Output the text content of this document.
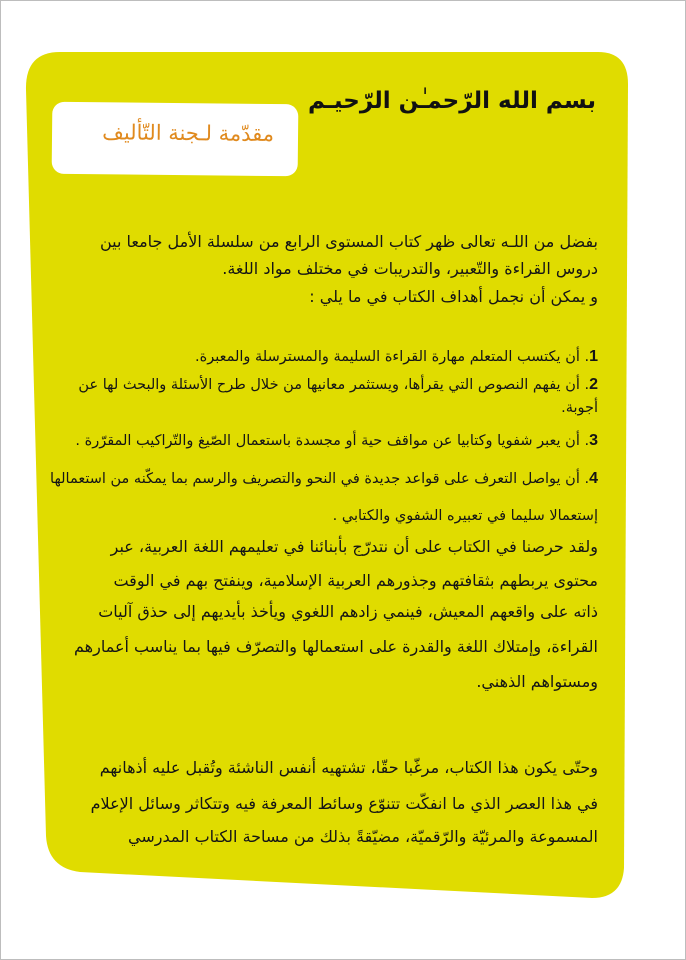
بسم الله الرّحمـٰن الرّحيـم
مقدّمة لـجنة التّأليف
بفضل من اللـه تعالى ظهر كتاب المستوى الرابع من سلسلة الأمل جامعا بين
دروس القراءة والتّعبير، والتدريبات في مختلف مواد اللغة.
و يمكن أن نجمل أهداف الكتاب في ما يلي :
1. أن يكتسب المتعلم مهارة القراءة السليمة والمسترسلة والمعبرة.
2. أن يفهم النصوص التي يقرأها، ويستثمر معانيها من خلال طرح الأسئلة والبحث لها عن
أجوبة.
3. أن يعبر شفويا وكتابيا عن مواقف حية أو مجسدة باستعمال الصّيغ والتّراكيب المقرّرة .
4. أن يواصل التعرف على قواعد جديدة في النحو والتصريف والرسم بما يمكّنه من استعمالها
إستعمالا سليما في تعبيره الشفوي والكتابي .
ولقد حرصنا في الكتاب على أن نتدرّج بأبنائنا في تعليمهم اللغة العربية، عبر
محتوى يربطهم بثقافتهم وجذورهم العربية الإسلامية، وينفتح بهم في الوقت
ذاته على واقعهم المعيش، فينمي زادهم اللغوي ويأخذ بأيديهم إلى حذق آليات
القراءة، وإمتلاك اللغة والقدرة على استعمالها والتصرّف فيها بما يناسب أعمارهم
ومستواهم الذهني.
وحتّى يكون هذا الكتاب، مرغّبا حقّا، تشتهيه أنفس الناشئة وتُقبل عليه أذهانهم
في هذا العصر الذي ما انفكّت تتنوّع وسائط المعرفة فيه وتتكاثر وسائل الإعلام
المسموعة والمرئيّة والرّقميّة، مضيّقةً بذلك من مساحة الكتاب المدرسي
